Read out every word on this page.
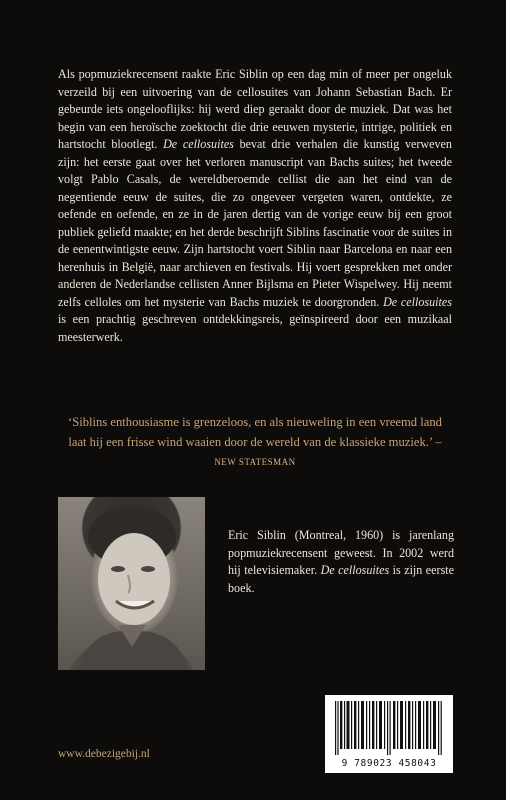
Als popmuziekrecensent raakte Eric Siblin op een dag min of meer per ongeluk verzeild bij een uitvoering van de cellosuites van Johann Sebastian Bach. Er gebeurde iets ongelooflijks: hij werd diep geraakt door de muziek. Dat was het begin van een heroïsche zoektocht die drie eeuwen mysterie, intrige, politiek en hartstocht blootlegt. De cellosuites bevat drie verhalen die kunstig verweven zijn: het eerste gaat over het verloren manuscript van Bachs suites; het tweede volgt Pablo Casals, de wereldberoemde cellist die aan het eind van de negentiende eeuw de suites, die zo ongeveer vergeten waren, ontdekte, ze oefende en oefende, en ze in de jaren dertig van de vorige eeuw bij een groot publiek geliefd maakte; en het derde beschrijft Siblins fascinatie voor de suites in de eenentwintigste eeuw. Zijn hartstocht voert Siblin naar Barcelona en naar een herenhuis in België, naar archieven en festivals. Hij voert gesprekken met onder anderen de Nederlandse cellisten Anner Bijlsma en Pieter Wispelwey. Hij neemt zelfs celloles om het mysterie van Bachs muziek te doorgronden. De cellosuites is een prachtig geschreven ontdekkingsreis, geïnspireerd door een muzikaal meesterwerk.

‘Siblins enthousiasme is grenzeloos, en als nieuweling in een vreemd land laat hij een frisse wind waaien door de wereld van de klassieke muziek.’ – NEW STATESMAN
Eric Siblin (Montreal, 1960) is jarenlang popmuziekrecensent geweest. In 2002 werd hij televisiemaker. De cellosuites is zijn eerste boek.
www.debezigebij.nl
9 789023 458043
